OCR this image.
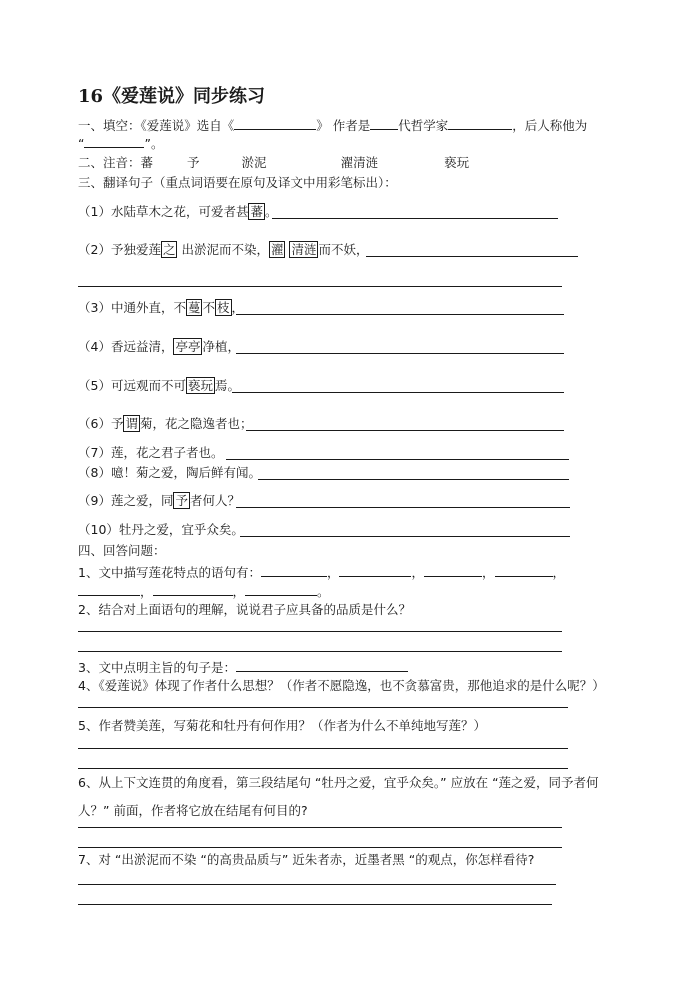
16《爱莲说》同步练习
一、填空：《爱莲说》选自《	》 作者是 代哲学家	，后人称他为
“	”。
二、注音：蕃	予	淤泥	濯清涟	亵玩
三、翻译句子（重点词语要在原句及译文中用彩笔标出）：
（1）水陆草木之花，可爱者甚 蕃 。
（2）予独爱莲 之 出淤泥而不染， 濯 清涟 而不妖，
（3）中通外直，不 蔓 不 枝 ，
（4）香远益清， 亭亭 净植，
（5）可远观而不可 亵玩 焉。
（6）予 谓 菊，花之隐逸者也；
（7）莲，花之君子者也。
（8）噫！菊之爱，陶后鲜有闻。
（9）莲之爱，同 予 者何人？
（10）牡丹之爱，宜乎众矣。
四、回答问题：
1、文中描写莲花特点的语句有：	，	，	，	，
，	，	。
2、结合对上面语句的理解，说说君子应具备的品质是什么？
3、文中点明主旨的句子是：
4、《爱莲说》体现了作者什么思想？（作者不愿隐逸，也不贪慕富贵，那他追求的是什么呢？）
5、作者赞美莲，写菊花和牡丹有何作用？（作者为什么不单纯地写莲？）
6、从上下文连贯的角度看，第三段结尾句 “牡丹之爱，宜乎众矣。” 应放在 “莲之爱，同予者何
人？” 前面，作者将它放在结尾有何目的?
7、对 “出淤泥而不染 “的高贵品质与” 近朱者赤，近墨者黑 “的观点，你怎样看待?
